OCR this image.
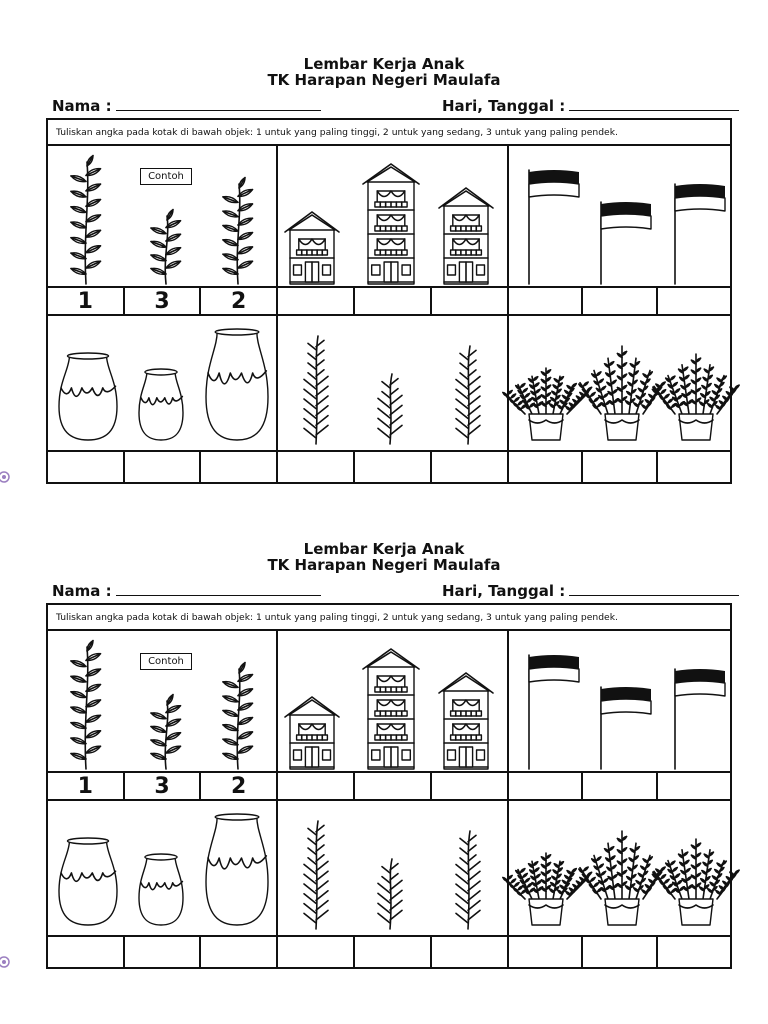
Lembar Kerja Anak
TK Harapan Negeri Maulafa
Nama :	Hari, Tanggal :
Tuliskan angka pada kotak di bawah objek: 1 untuk yang paling tinggi, 2 untuk yang sedang, 3 untuk yang paling pendek.
Contoh
1	3	2
Lembar Kerja Anak
TK Harapan Negeri Maulafa
Nama :	Hari, Tanggal :
Tuliskan angka pada kotak di bawah objek: 1 untuk yang paling tinggi, 2 untuk yang sedang, 3 untuk yang paling pendek.
Contoh
1	3	2
